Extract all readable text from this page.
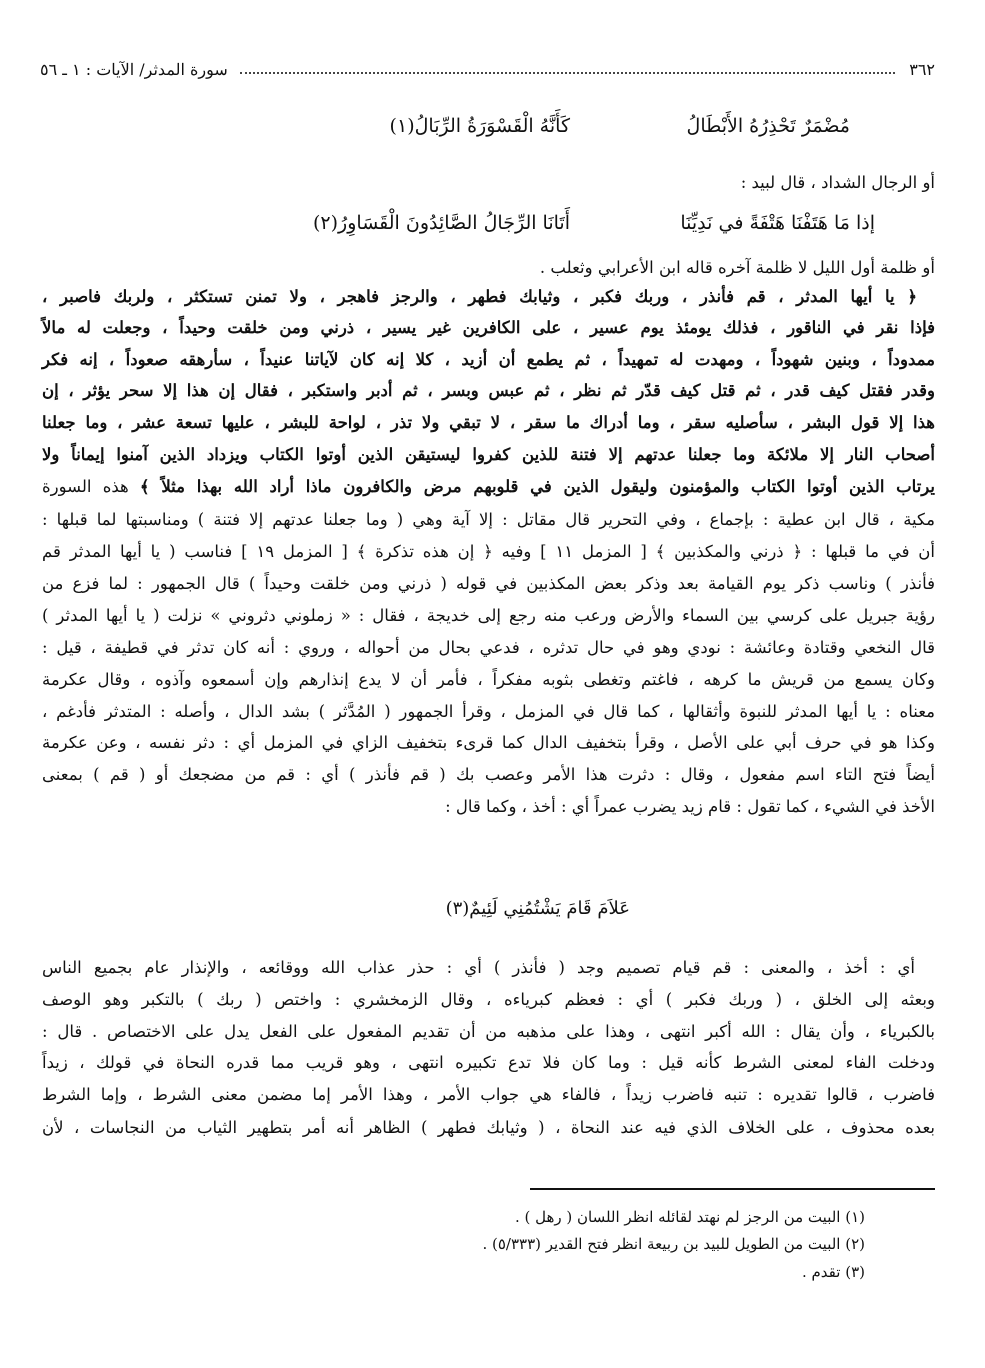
٣٦٢
سورة المدثر/ الآيات : ١ ـ ٥٦
مُضْمَرٌ تَحْذِرُهُ الأَبْطَالُ
كَأَنَّهُ الْقَسْوَرَةُ الرِّبَالُ(١)
أو الرجال الشداد ، قال لبيد :
إذا مَا هَتَفْنَا هَتْفَةً في نَدِيِّنَا
أَتَانَا الرِّجَالُ الصَّائِدُونَ الْقَسَاوِرُ(٢)
أو ظلمة أول الليل لا ظلمة آخره قاله ابن الأعرابي وثعلب .
﴿ يا أيها المدثر ، قم فأنذر ، وربك فكبر ، وثيابك فطهر ، والرجز فاهجر ، ولا تمنن تستكثر ، ولربك فاصبر ،
فإذا نقر في الناقور ، فذلك يومئذ يوم عسير ، على الكافرين غير يسير ، ذرني ومن خلقت وحيداً ، وجعلت له مالاً
ممدوداً ، وبنين شهوداً ، ومهدت له تمهيداً ، ثم يطمع أن أزيد ، كلا إنه كان لآياتنا عنيداً ، سأرهقه صعوداً ، إنه فكر
وقدر فقتل كيف قدر ، ثم قتل كيف قدّر ثم نظر ، ثم عبس وبسر ، ثم أدبر واستكبر ، فقال إن هذا إلا سحر يؤثر ، إن
هذا إلا قول البشر ، سأصليه سقر ، وما أدراك ما سقر ، لا تبقي ولا تذر ، لواحة للبشر ، عليها تسعة عشر ، وما جعلنا
أصحاب النار إلا ملائكة وما جعلنا عدتهم إلا فتنة للذين كفروا ليستيقن الذين أوتوا الكتاب ويزداد الذين آمنوا إيماناً ولا
يرتاب الذين أوتوا الكتاب والمؤمنون وليقول الذين في قلوبهم مرض والكافرون ماذا أراد الله بهذا مثلاً ﴾ هذه السورة
مكية ، قال ابن عطية : بإجماع ، وفي التحرير قال مقاتل : إلا آية وهي ( وما جعلنا عدتهم إلا فتنة ) ومناسبتها لما قبلها :
أن في ما قبلها : ﴿ ذرني والمكذبين ﴾ [ المزمل ١١ ] وفيه ﴿ إن هذه تذكرة ﴾ [ المزمل ١٩ ] فناسب ( يا أيها المدثر قم
فأنذر ) وناسب ذكر يوم القيامة بعد وذكر بعض المكذبين في قوله ( ذرني ومن خلقت وحيداً ) قال الجمهور : لما فزع من
رؤية جبريل على كرسي بين السماء والأرض ورعب منه رجع إلى خديجة ، فقال : « زملوني دثروني » نزلت ( يا أيها المدثر )
قال النخعي وقتادة وعائشة : نودي وهو في حال تدثره ، فدعي بحال من أحواله ، وروي : أنه كان تدثر في قطيفة ، قيل :
وكان يسمع من قريش ما كرهه ، فاغتم وتغطى بثوبه مفكراً ، فأمر أن لا يدع إنذارهم وإن أسمعوه وآذوه ، وقال عكرمة
معناه : يا أيها المدثر للنبوة وأثقالها ، كما قال في المزمل ، وقرأ الجمهور ( المُدَّثر ) بشد الدال ، وأصله : المتدثر فأدغم ،
وكذا هو في حرف أبي على الأصل ، وقرأ بتخفيف الدال كما قرىء بتخفيف الزاي في المزمل أي : دثر نفسه ، وعن عكرمة
أيضاً فتح التاء اسم مفعول ، وقال : دثرت هذا الأمر وعصب بك ( قم فأنذر ) أي : قم من مضجعك أو ( قم ) بمعنى
الأخذ في الشيء ، كما تقول : قام زيد يضرب عمراً أي : أخذ ، وكما قال :
عَلاَمَ قَامَ يَشْتُمُنِي لَئِيمٌ(٣)
أي : أخذ ، والمعنى : قم قيام تصميم وجد ( فأنذر ) أي : حذر عذاب الله ووقائعه ، والإنذار عام بجميع الناس
وبعثه إلى الخلق ، ( وربك فكبر ) أي : فعظم كبرياءه ، وقال الزمخشري : واختص ( ربك ) بالتكبر وهو الوصف
بالكبرياء ، وأن يقال : الله أكبر انتهى ، وهذا على مذهبه من أن تقديم المفعول على الفعل يدل على الاختصاص . قال :
ودخلت الفاء لمعنى الشرط كأنه قيل : وما كان فلا تدع تكبيره انتهى ، وهو قريب مما قدره النحاة في قولك ، زيداً
فاضرب ، قالوا تقديره : تنبه فاضرب زيداً ، فالفاء هي جواب الأمر ، وهذا الأمر إما مضمن معنى الشرط ، وإما الشرط
بعده محذوف ، على الخلاف الذي فيه عند النحاة ، ( وثيابك فطهر ) الظاهر أنه أمر بتطهير الثياب من النجاسات ، لأن
(١) البيت من الرجز لم نهتد لقائله انظر اللسان ( رهل ) .
(٢) البيت من الطويل للبيد بن ربيعة انظر فتح القدير (٥/٣٣٣) .
(٣) تقدم .
